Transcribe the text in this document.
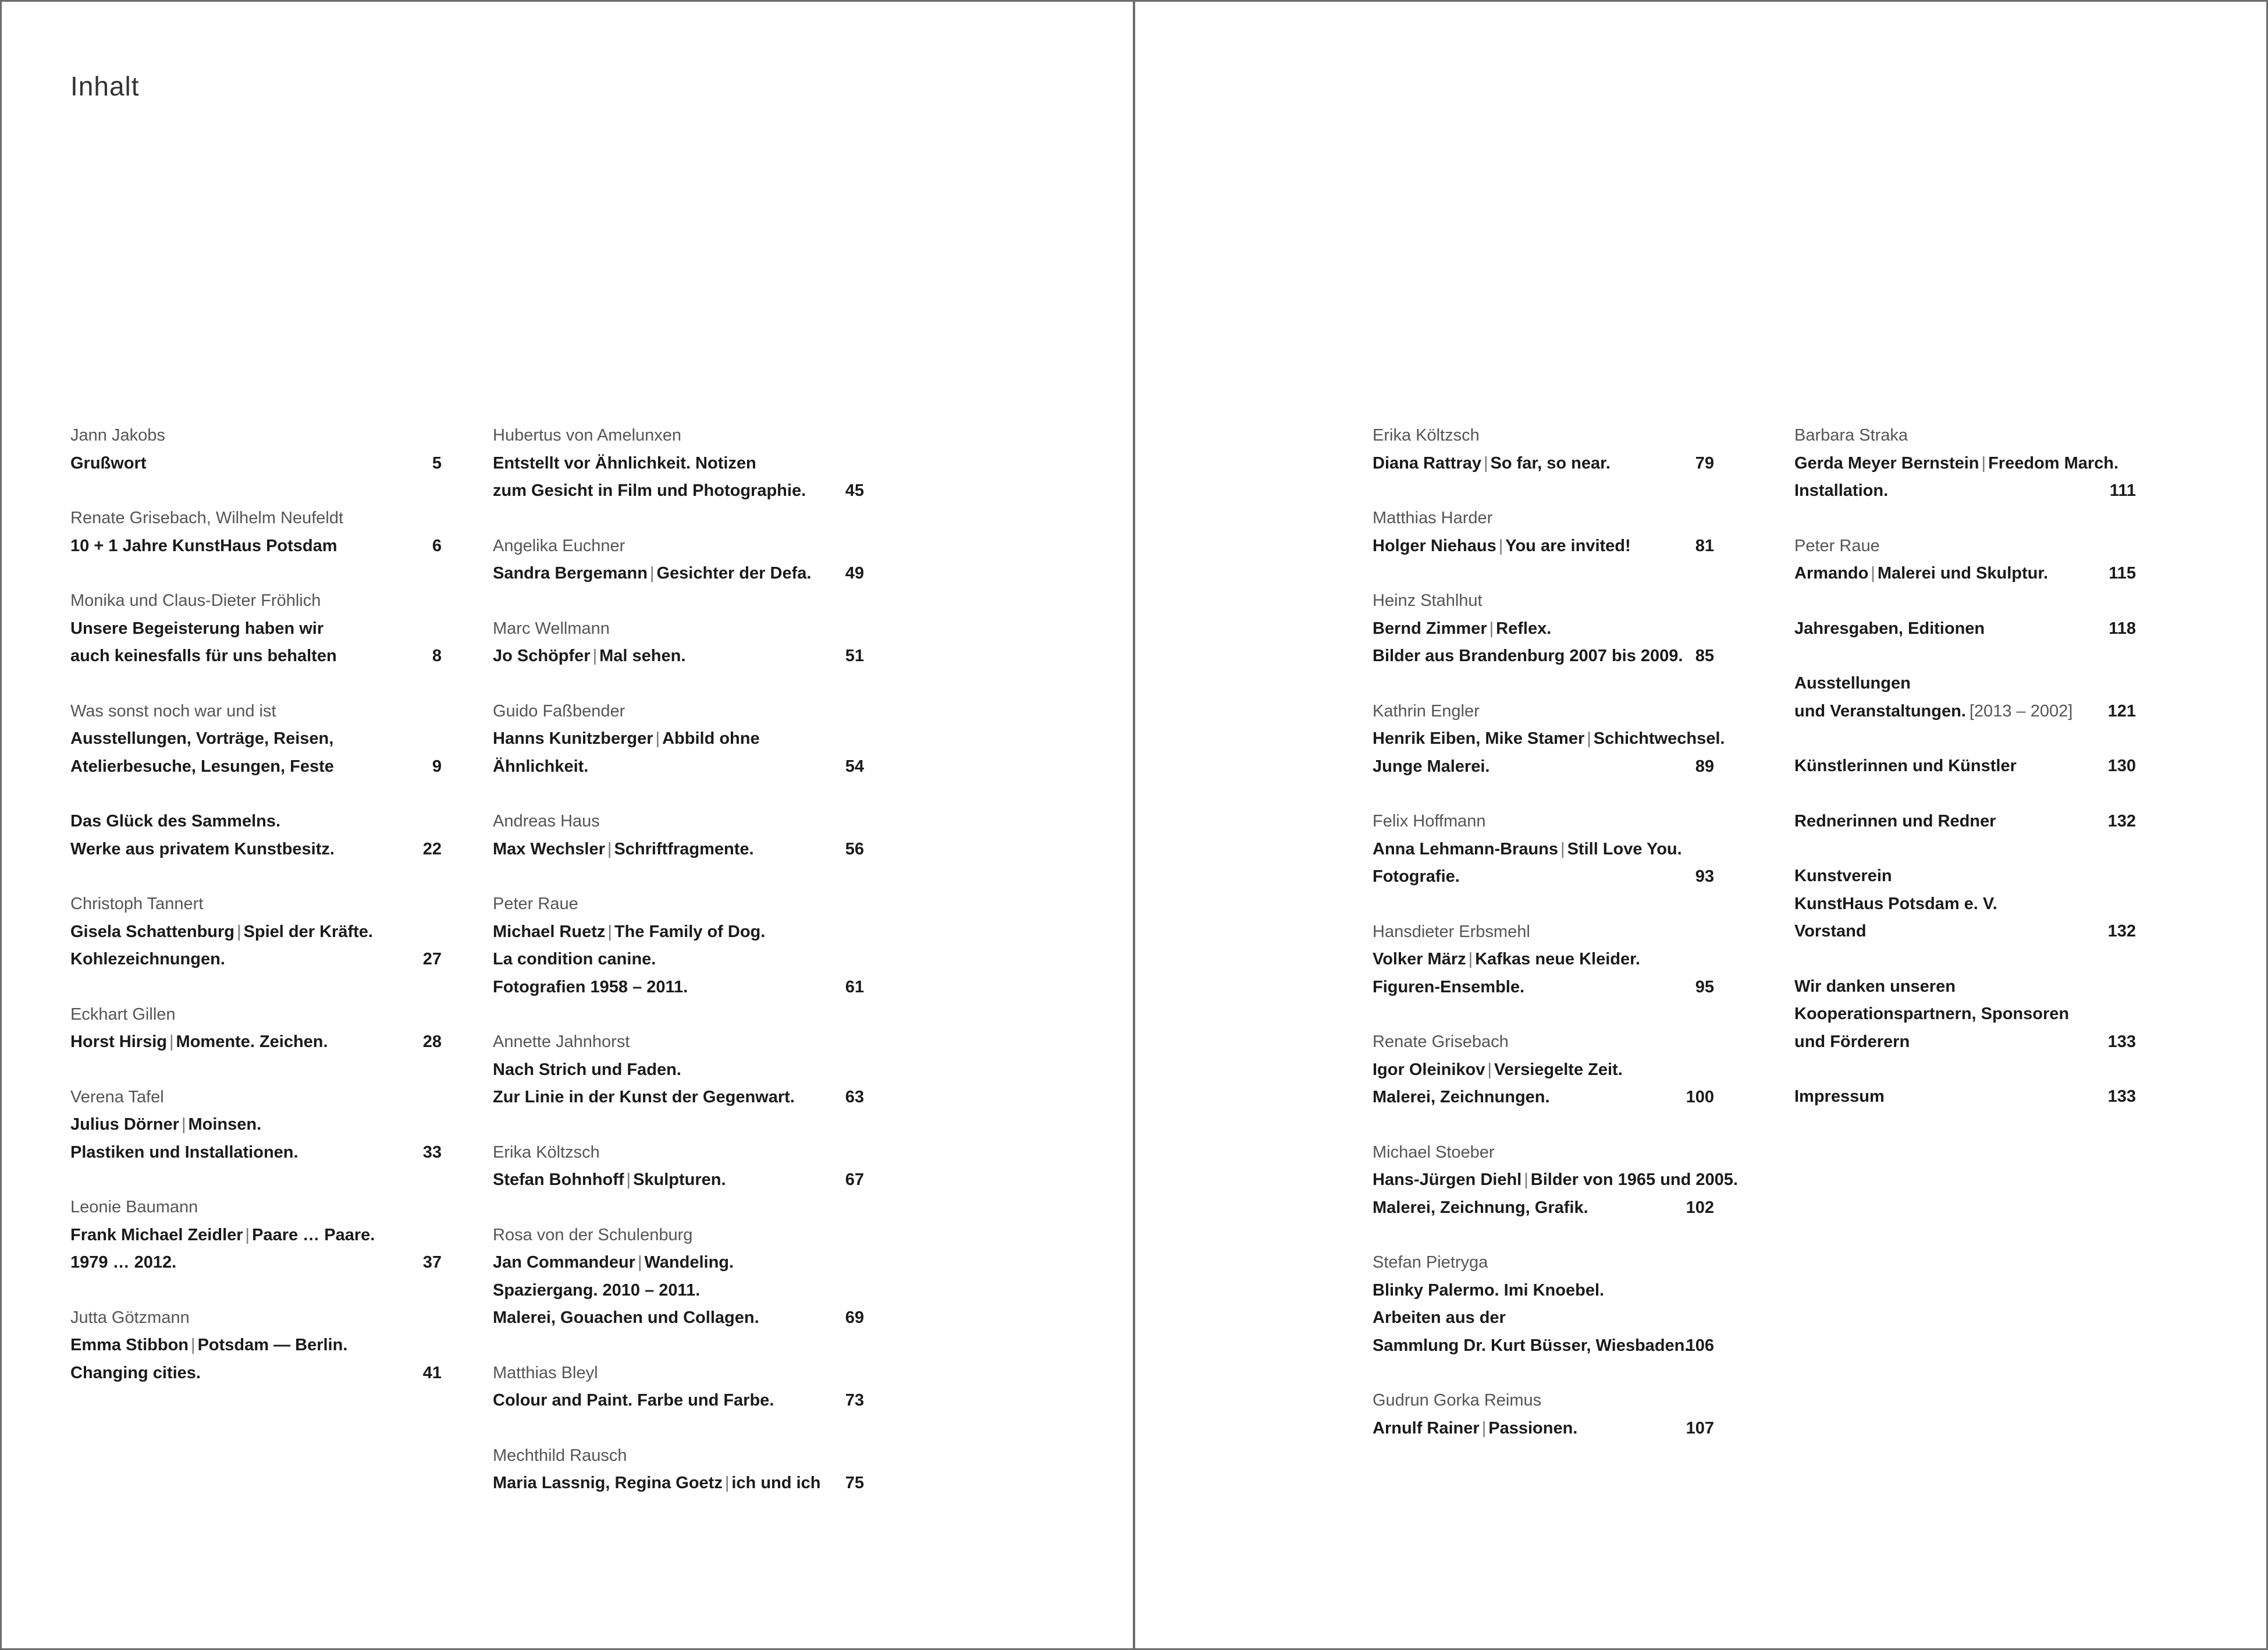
Inhalt
Jann Jakobs
Grußwort	5
Renate Grisebach, Wilhelm Neufeldt
10 + 1 Jahre KunstHaus Potsdam	6
Monika und Claus-Dieter Fröhlich
Unsere Begeisterung haben wir
auch keinesfalls für uns behalten	8
Was sonst noch war und ist
Ausstellungen, Vorträge, Reisen,
Atelierbesuche, Lesungen, Feste	9
Das Glück des Sammelns.
Werke aus privatem Kunstbesitz.	22
Christoph Tannert
Gisela Schattenburg | Spiel der Kräfte.
Kohlezeichnungen.	27
Eckhart Gillen
Horst Hirsig | Momente. Zeichen.	28
Verena Tafel
Julius Dörner | Moinsen.
Plastiken und Installationen.	33
Leonie Baumann
Frank Michael Zeidler | Paare … Paare.
1979 … 2012.	37
Jutta Götzmann
Emma Stibbon | Potsdam — Berlin.
Changing cities.	41
Hubertus von Amelunxen
Entstellt vor Ähnlichkeit. Notizen
zum Gesicht in Film und Photographie.	45
Angelika Euchner
Sandra Bergemann | Gesichter der Defa.	49
Marc Wellmann
Jo Schöpfer | Mal sehen.	51
Guido Faßbender
Hanns Kunitzberger | Abbild ohne
Ähnlichkeit.	54
Andreas Haus
Max Wechsler | Schriftfragmente.	56
Peter Raue
Michael Ruetz | The Family of Dog.
La condition canine.
Fotografien 1958 – 2011.	61
Annette Jahnhorst
Nach Strich und Faden.
Zur Linie in der Kunst der Gegenwart.	63
Erika Költzsch
Stefan Bohnhoff | Skulpturen.	67
Rosa von der Schulenburg
Jan Commandeur | Wandeling.
Spaziergang. 2010 – 2011.
Malerei, Gouachen und Collagen.	69
Matthias Bleyl
Colour and Paint. Farbe und Farbe.	73
Mechthild Rausch
Maria Lassnig, Regina Goetz | ich und ich	75
Erika Költzsch
Diana Rattray | So far, so near.	79
Matthias Harder
Holger Niehaus | You are invited!	81
Heinz Stahlhut
Bernd Zimmer | Reflex.
Bilder aus Brandenburg 2007 bis 2009. 85
Kathrin Engler
Henrik Eiben, Mike Stamer | Schichtwechsel.
Junge Malerei.	89
Felix Hoffmann
Anna Lehmann-Brauns | Still Love You.
Fotografie.	93
Hansdieter Erbsmehl
Volker März | Kafkas neue Kleider.
Figuren-Ensemble.	95
Renate Grisebach
Igor Oleinikov | Versiegelte Zeit.
Malerei, Zeichnungen.	100
Michael Stoeber
Hans-Jürgen Diehl | Bilder von 1965 und 2005.
Malerei, Zeichnung, Grafik.	102
Stefan Pietryga
Blinky Palermo. Imi Knoebel.
Arbeiten aus der
Sammlung Dr. Kurt Büsser, Wiesbaden.
106
Gudrun Gorka Reimus
Arnulf Rainer | Passionen.	107
Barbara Straka
Gerda Meyer Bernstein | Freedom March.
Installation.	111
Peter Raue
Armando | Malerei und Skulptur.	115
Jahresgaben, Editionen	118
Ausstellungen
und Veranstaltungen. [2013 – 2002]	121
Künstlerinnen und Künstler	130
Rednerinnen und Redner	132
Kunstverein
KunstHaus Potsdam e. V.
Vorstand	132
Wir danken unseren
Kooperationspartnern, Sponsoren
und Förderern	133
Impressum	133
